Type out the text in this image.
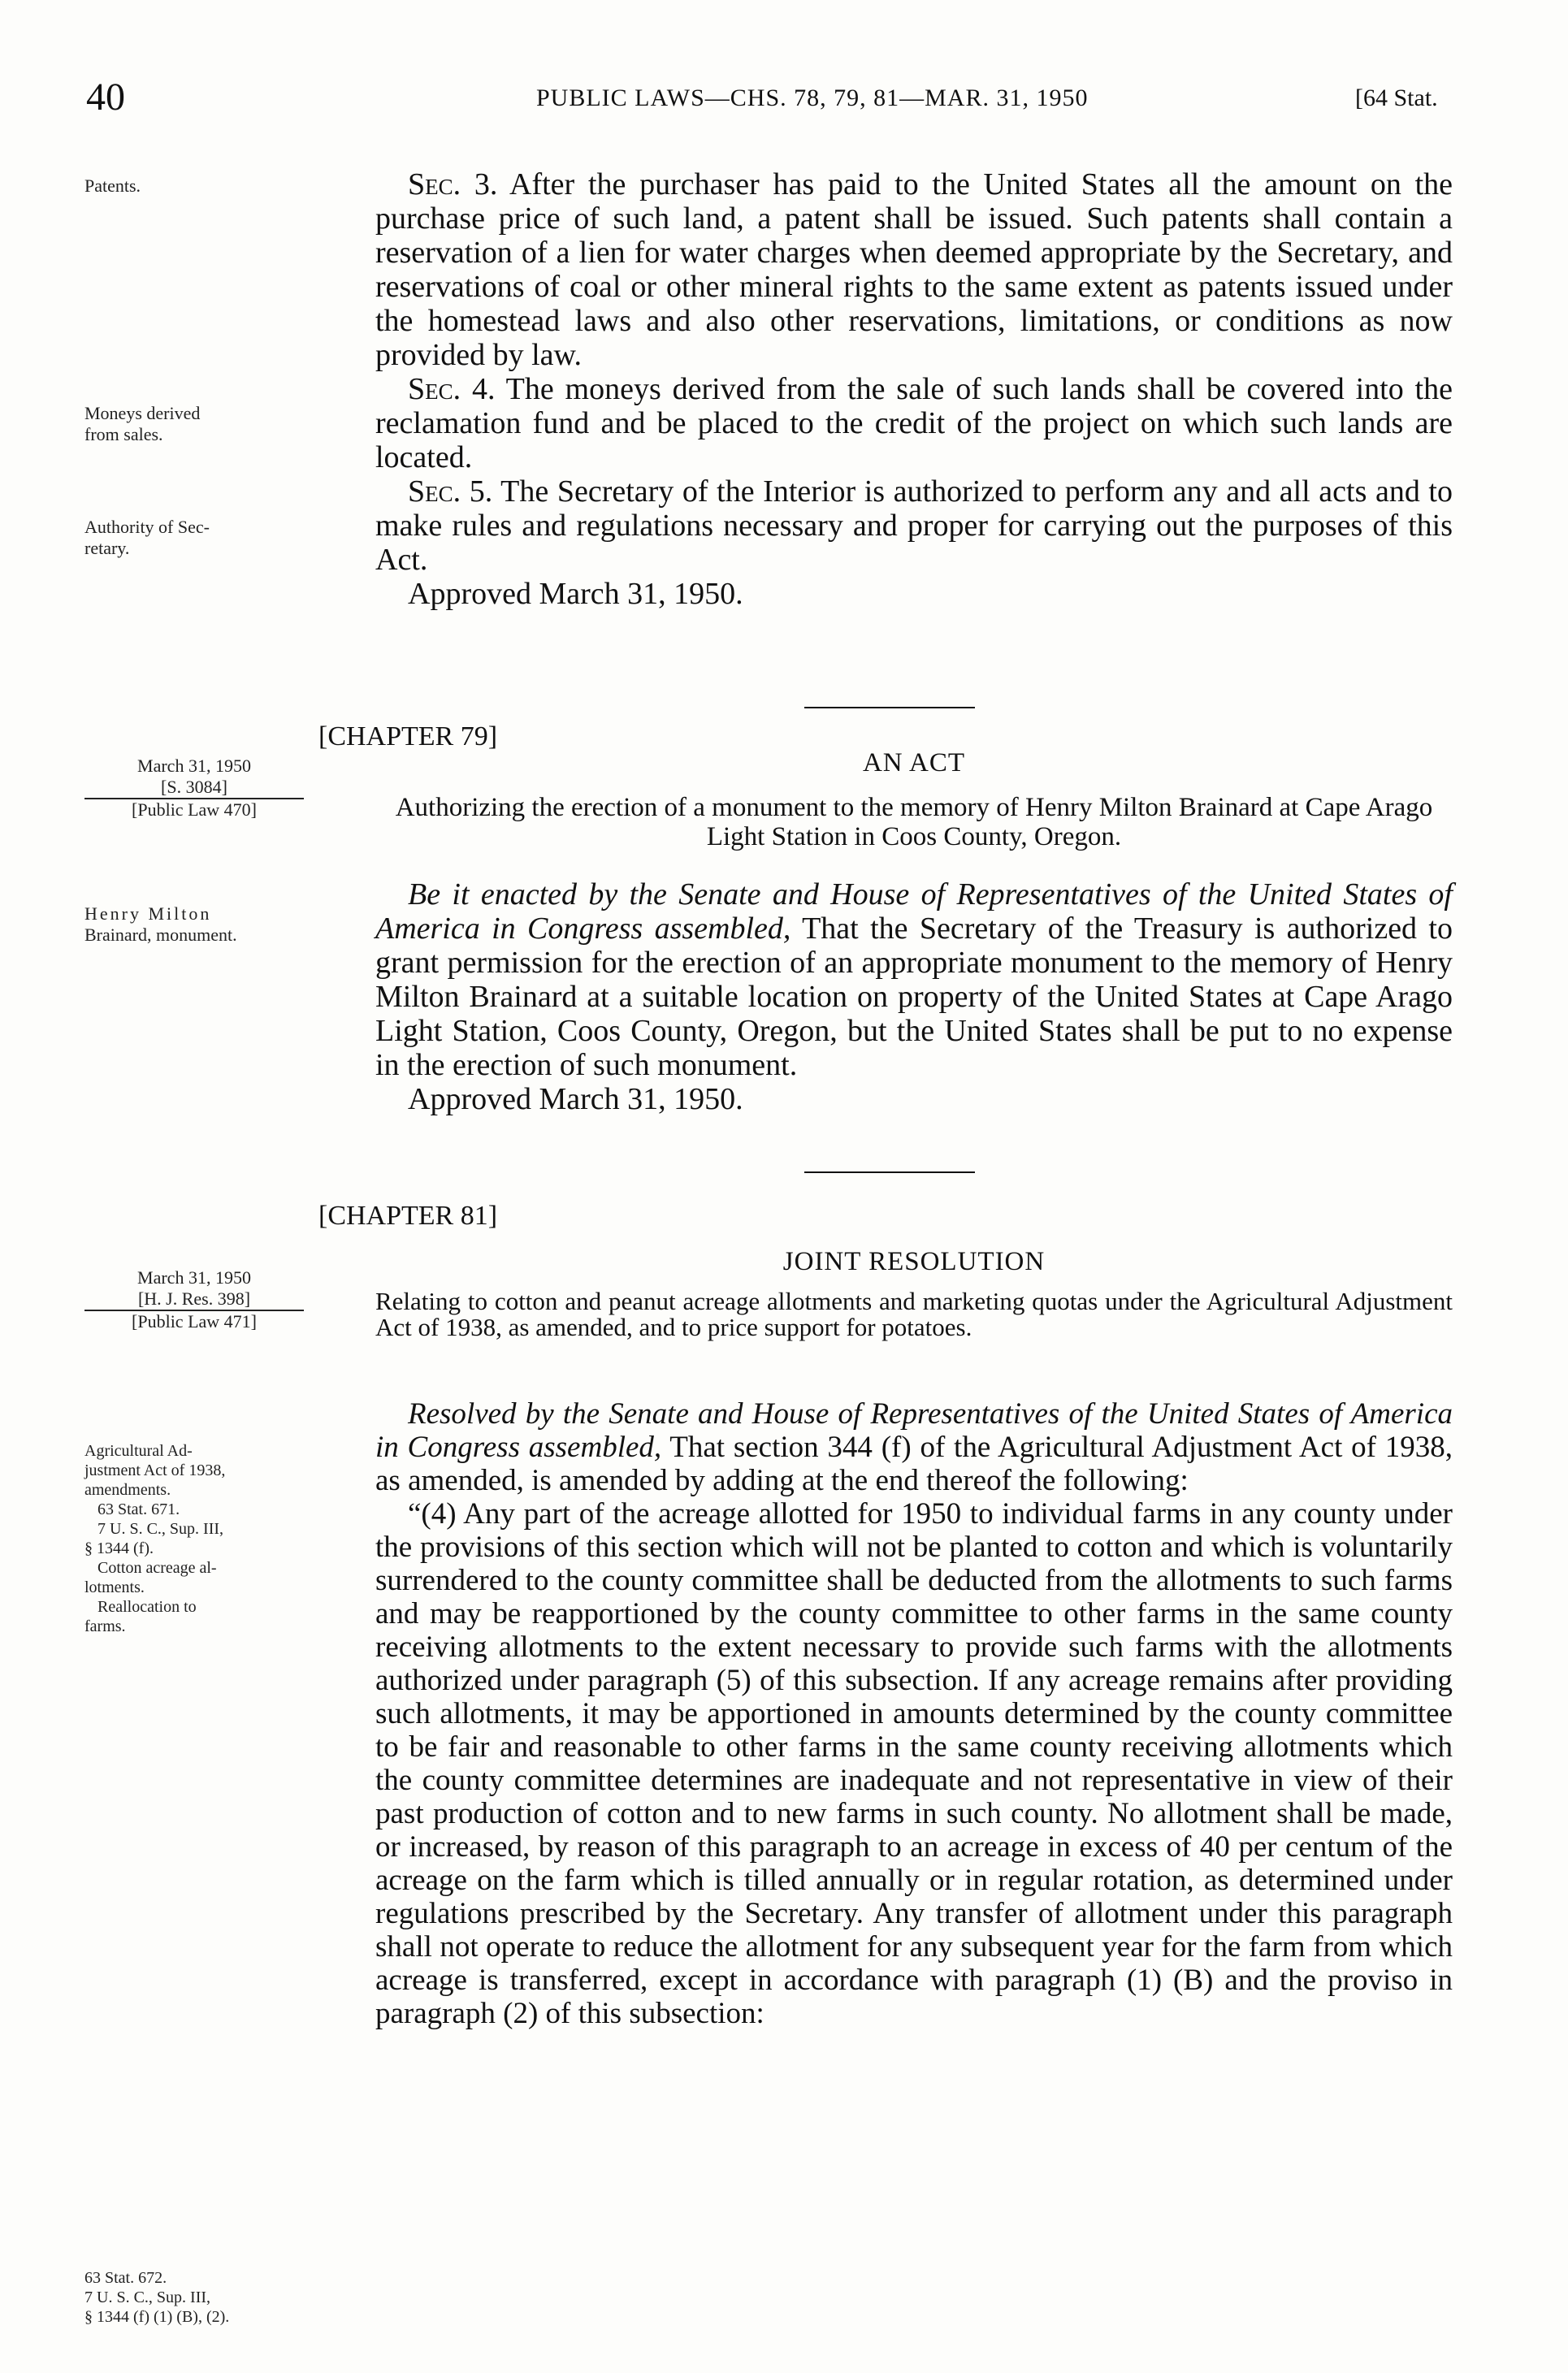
40	PUBLIC LAWS—CHS. 78, 79, 81—MAR. 31, 1950	[64 Stat.
Patents.
Moneys derived
from sales.
Authority of Sec-
retary.
March 31, 1950
[S. 3084]
[Public Law 470]
Henry Milton
Brainard, monument.
March 31, 1950
[H. J. Res. 398]
[Public Law 471]
Agricultural Ad-
justment Act of 1938,
amendments.
63 Stat. 671.
7 U. S. C., Sup. III,
§ 1344 (f).
Cotton acreage al-
lotments.
Reallocation to
farms.
63 Stat. 672.
7 U. S. C., Sup. III,
§ 1344 (f) (1) (B), (2).

Sec. 3. After the purchaser has paid to the United States all the amount on the purchase price of such land, a patent shall be issued. Such patents shall contain a reservation of a lien for water charges when deemed appropriate by the Secretary, and reservations of coal or other mineral rights to the same extent as patents issued under the homestead laws and also other reservations, limitations, or conditions as now provided by law.

Sec. 4. The moneys derived from the sale of such lands shall be covered into the reclamation fund and be placed to the credit of the project on which such lands are located.

Sec. 5. The Secretary of the Interior is authorized to perform any and all acts and to make rules and regulations necessary and proper for carrying out the purposes of this Act.

Approved March 31, 1950.

[CHAPTER 79]
AN ACT
Authorizing the erection of a monument to the memory of Henry Milton Brainard at Cape Arago Light Station in Coos County, Oregon.

Be it enacted by the Senate and House of Representatives of the United States of America in Congress assembled, That the Secretary of the Treasury is authorized to grant permission for the erection of an appropriate monument to the memory of Henry Milton Brainard at a suitable location on property of the United States at Cape Arago Light Station, Coos County, Oregon, but the United States shall be put to no expense in the erection of such monument.

Approved March 31, 1950.

[CHAPTER 81]
JOINT RESOLUTION
Relating to cotton and peanut acreage allotments and marketing quotas under the Agricultural Adjustment Act of 1938, as amended, and to price support for potatoes.

Resolved by the Senate and House of Representatives of the United States of America in Congress assembled, That section 344 (f) of the Agricultural Adjustment Act of 1938, as amended, is amended by adding at the end thereof the following:

“(4) Any part of the acreage allotted for 1950 to individual farms in any county under the provisions of this section which will not be planted to cotton and which is voluntarily surrendered to the county committee shall be deducted from the allotments to such farms and may be reapportioned by the county committee to other farms in the same county receiving allotments to the extent necessary to provide such farms with the allotments authorized under paragraph (5) of this subsection. If any acreage remains after providing such allotments, it may be apportioned in amounts determined by the county committee to be fair and reasonable to other farms in the same county receiving allotments which the county committee determines are inadequate and not representative in view of their past production of cotton and to new farms in such county. No allotment shall be made, or increased, by reason of this paragraph to an acreage in excess of 40 per centum of the acreage on the farm which is tilled annually or in regular rotation, as determined under regulations prescribed by the Secretary. Any transfer of allotment under this paragraph shall not operate to reduce the allotment for any subsequent year for the farm from which acreage is transferred, except in accordance with paragraph (1) (B) and the proviso in paragraph (2) of this subsection:
